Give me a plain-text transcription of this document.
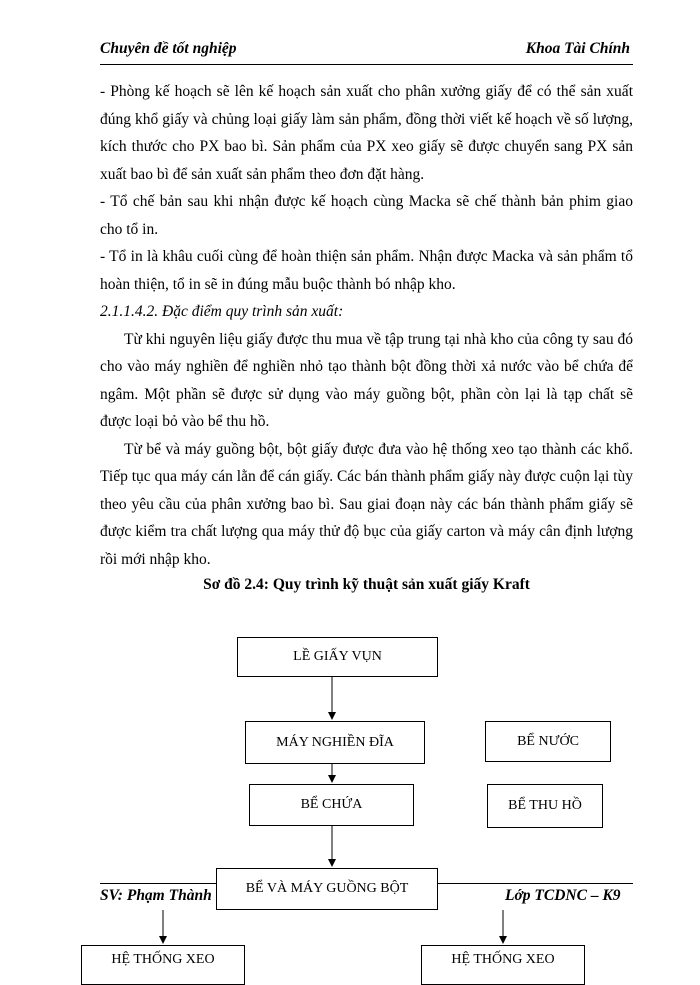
Chuyên đề tốt nghiệp	Khoa Tài Chính

- Phòng kế hoạch sẽ lên kế hoạch sản xuất cho phân xưởng giấy để có thể sản xuất đúng khổ giấy và chủng loại giấy làm sản phẩm, đồng thời viết kế hoạch về số lượng, kích thước cho PX bao bì. Sản phẩm của PX xeo giấy sẽ được chuyển sang PX sản xuất bao bì để sản xuất sản phẩm theo đơn đặt hàng.

- Tổ chế bản sau khi nhận được kế hoạch cùng Macka sẽ chế thành bản phim giao cho tổ in.

- Tổ in là khâu cuối cùng để hoàn thiện sản phẩm. Nhận được Macka và sản phẩm tổ hoàn thiện, tổ in sẽ in đúng mẫu buộc thành bó nhập kho.

2.1.1.4.2. Đặc điểm quy trình sản xuất:

Từ khi nguyên liệu giấy được thu mua về tập trung tại nhà kho của công ty sau đó cho vào máy nghiền để nghiền nhỏ tạo thành bột đồng thời xả nước vào bể chứa để ngâm. Một phần sẽ được sử dụng vào máy guồng bột, phần còn lại là tạp chất sẽ được loại bỏ vào bể thu hồ.

Từ bể và máy guồng bột, bột giấy được đưa vào hệ thống xeo tạo thành các khổ. Tiếp tục qua máy cán lằn để cán giấy. Các bán thành phẩm giấy này được cuộn lại tùy theo yêu cầu của phân xưởng bao bì. Sau giai đoạn này các bán thành phẩm giấy sẽ được kiểm tra chất lượng qua máy thử độ bục của giấy carton và máy cân định lượng rồi mới nhập kho.

Sơ đồ 2.4: Quy trình kỹ thuật sản xuất giấy Kraft
LỀ GIẤY VỤN
MÁY NGHIỀN ĐĨA	BỂ NƯỚC
BỂ CHỨA	BỂ THU HỒ
SV: Phạm Thành	Lớp TCDNC – K9
BỂ VÀ MÁY GUỒNG BỘT
HỆ THỐNG XEO	HỆ THỐNG XEO
